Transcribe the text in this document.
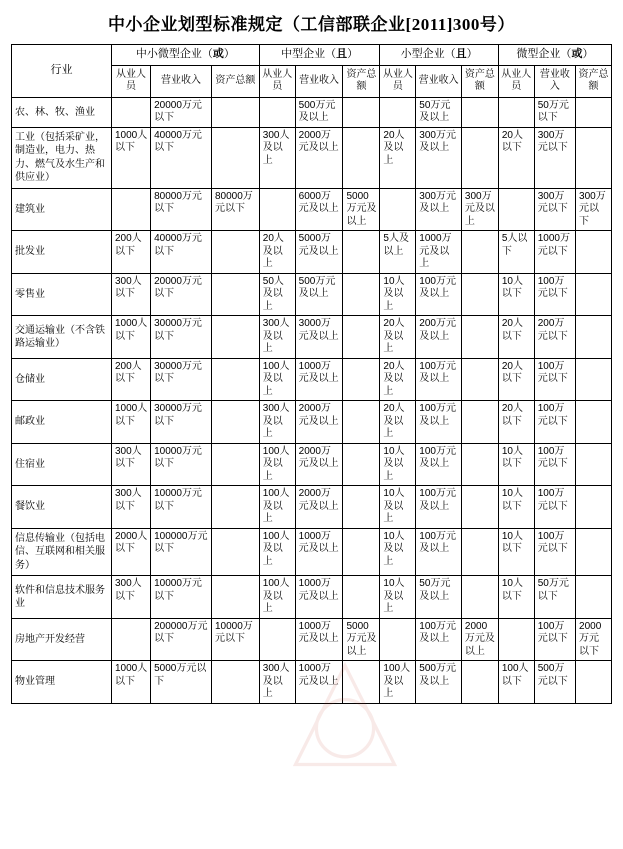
中小企业划型标准规定（工信部联企业[2011]300号）
行业	中小微型企业（或）			中型企业（且）			小型企业（且）			微型企业（或）		
	从业人员	营业收入	资产总额	从业人员	营业收入	资产总额	从业人员	营业收入	资产总额	从业人员	营业收入	资产总额
农、林、牧、渔业		20000万元以下			500万元及以上			50万元及以上			50万元以下	
工业（包括采矿业，制造业，电力、热力、燃气及水生产和供应业）	1000人以下	40000万元以下		300人及以上	2000万元及以上		20人及以上	300万元及以上		20人以下	300万元以下	
建筑业		80000万元以下	80000万元以下		6000万元及以上	5000万元及以上		300万元及以上	300万元及以上		300万元以下	300万元以下
批发业	200人以下	40000万元以下		20人及以上	5000万元及以上		5人及以上	1000万元及以上		5人以下	1000万元以下	
零售业	300人以下	20000万元以下		50人及以上	500万元及以上		10人及以上	100万元及以上		10人以下	100万元以下	
交通运输业（不含铁路运输业）	1000人以下	30000万元以下		300人及以上	3000万元及以上		20人及以上	200万元及以上		20人以下	200万元以下	
仓储业	200人以下	30000万元以下		100人及以上	1000万元及以上		20人及以上	100万元及以上		20人以下	100万元以下	
邮政业	1000人以下	30000万元以下		300人及以上	2000万元及以上		20人及以上	100万元及以上		20人以下	100万元以下	
住宿业	300人以下	10000万元以下		100人及以上	2000万元及以上		10人及以上	100万元及以上		10人以下	100万元以下	
餐饮业	300人以下	10000万元以下		100人及以上	2000万元及以上		10人及以上	100万元及以上		10人以下	100万元以下	
信息传输业（包括电信、互联网和相关服务）	2000人以下	100000万元以下		100人及以上	1000万元及以上		10人及以上	100万元及以上		10人以下	100万元以下	
软件和信息技术服务业	300人以下	10000万元以下		100人及以上	1000万元及以上		10人及以上	50万元及以上		10人以下	50万元以下	
房地产开发经营		200000万元以下	10000万元以下		1000万元及以上	5000万元及以上		100万元及以上	2000万元及以上		100万元以下	2000万元以下
物业管理	1000人以下	5000万元以下		300人及以上	1000万元及以上		100人及以上	500万元及以上		100人以下	500万元以下	
